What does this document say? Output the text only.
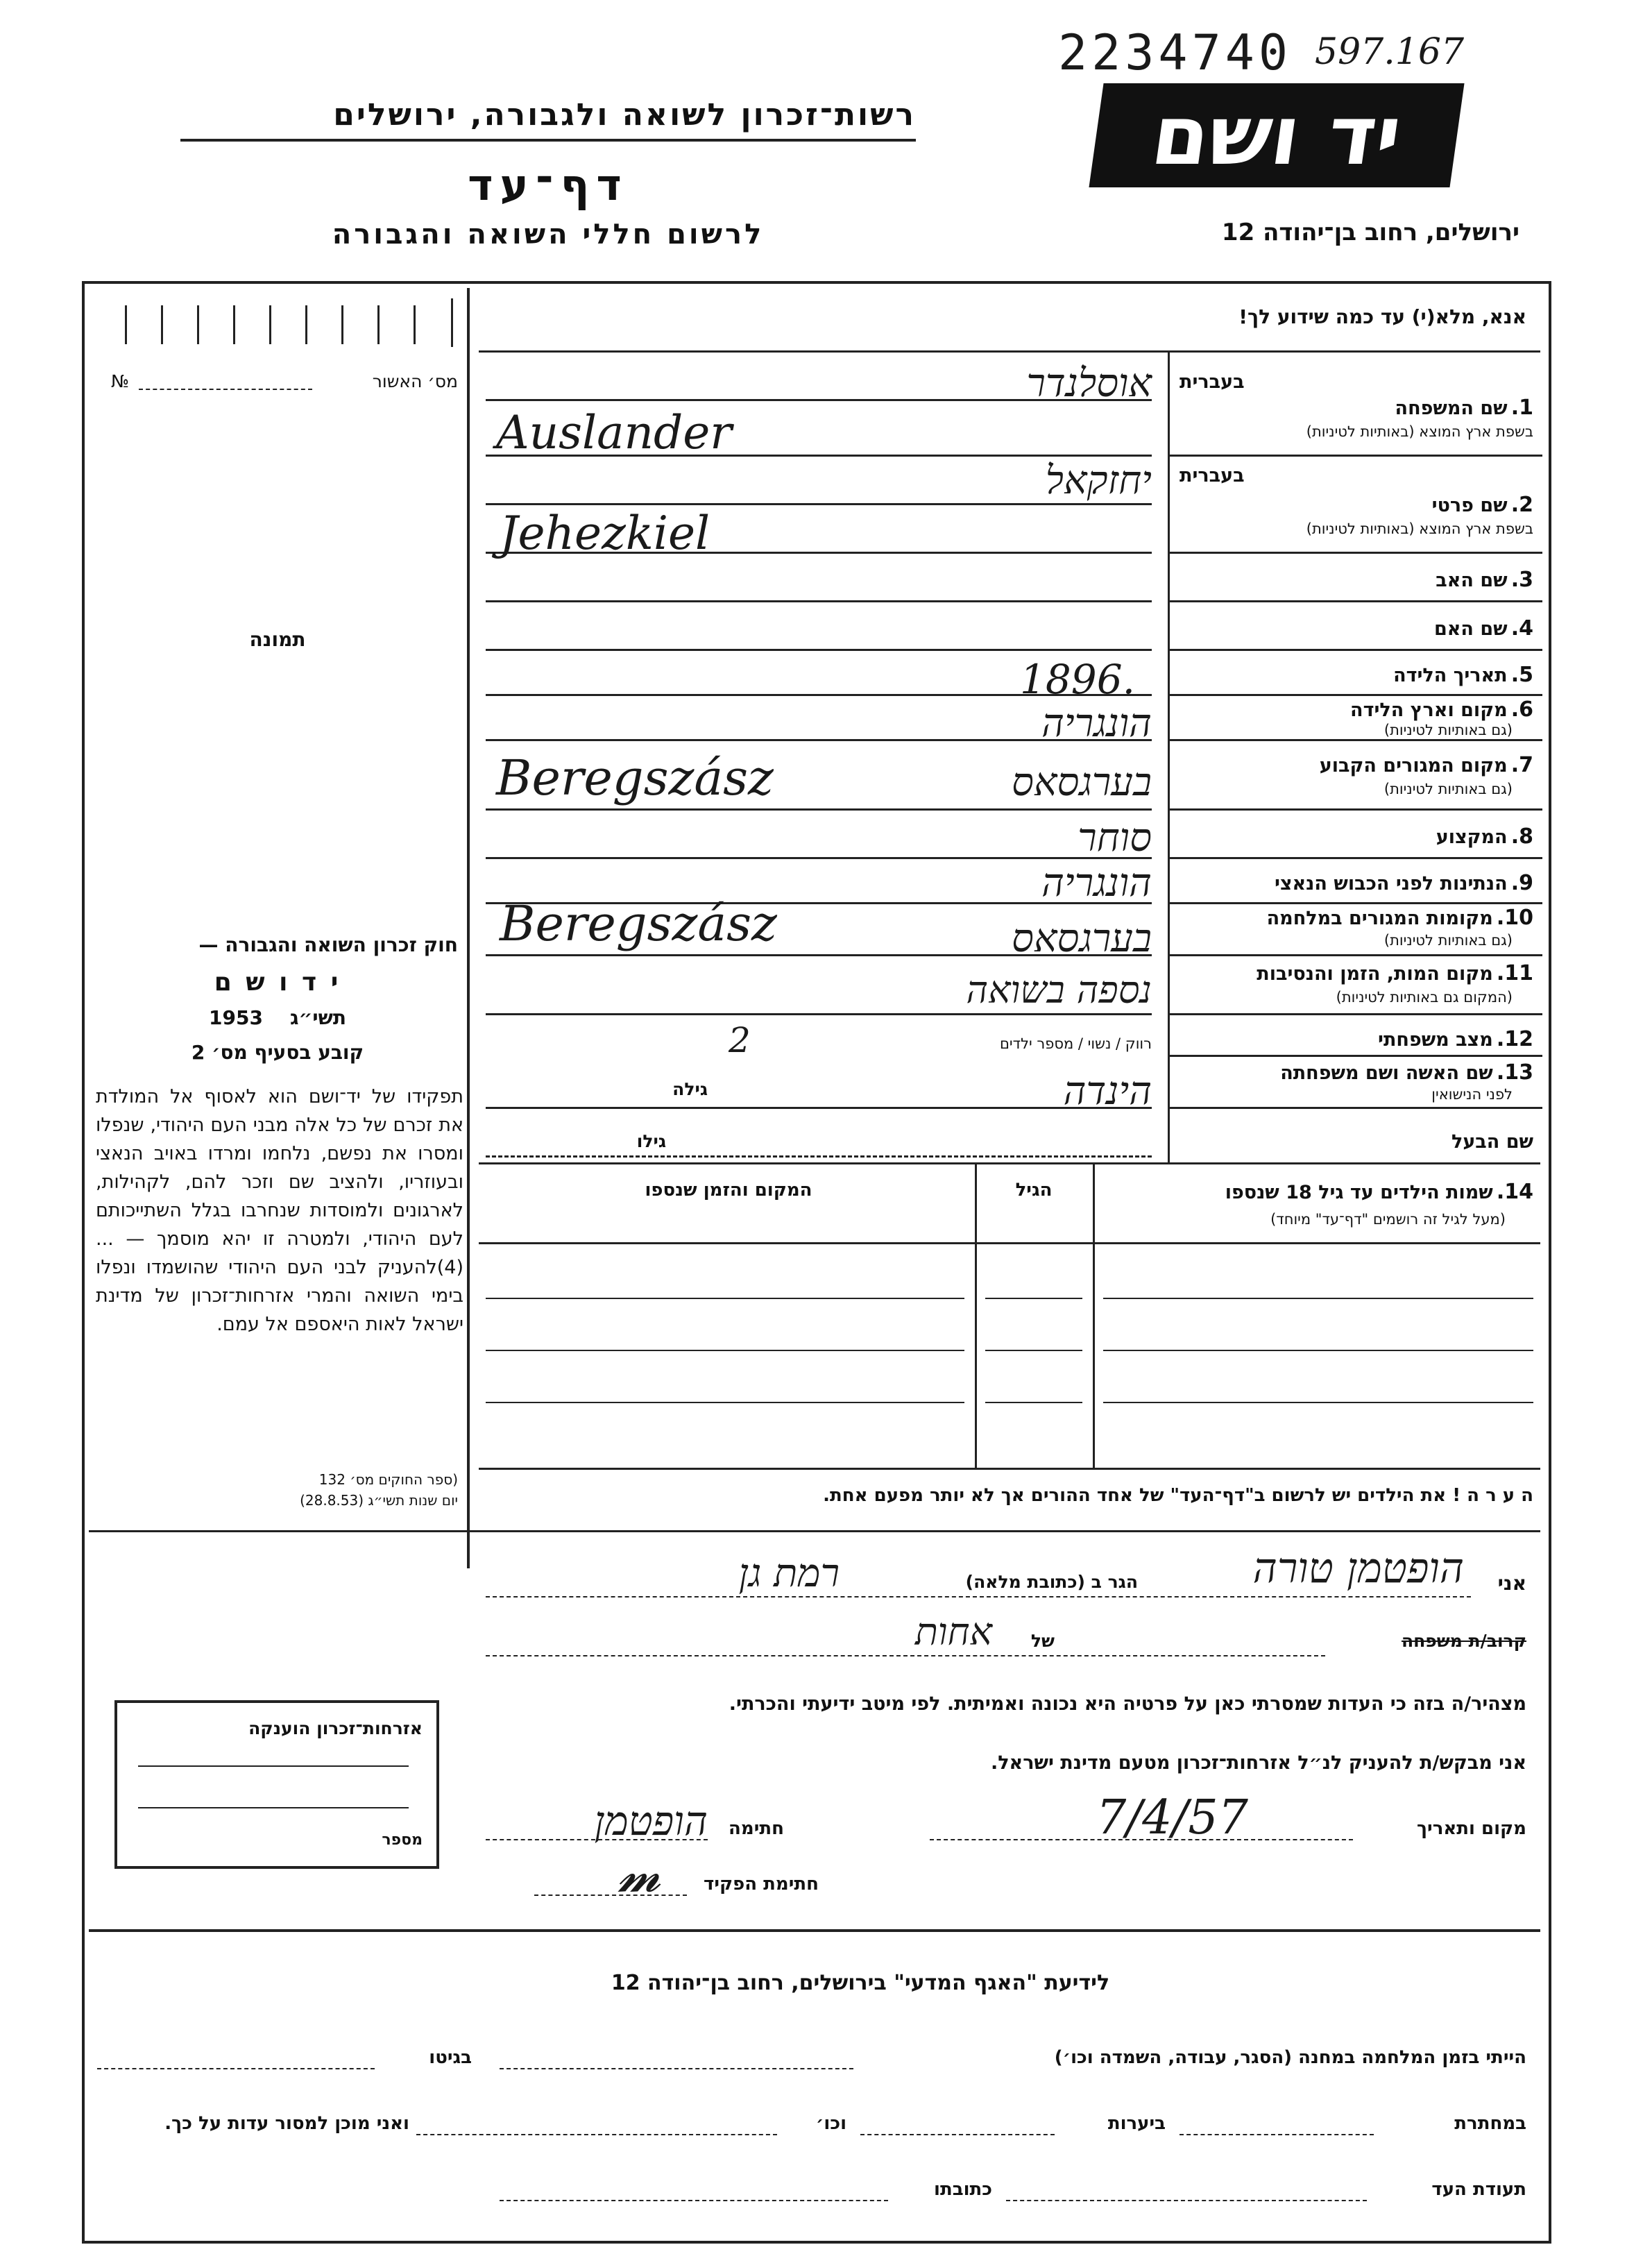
2234740 597.167
יד ושם
רשות־זכרון לשואה ולגבורה, ירושלים
דף־עד
לרשום חללי השואה והגבורה	ירושלים, רחוב בן־יהודה 12
מס׳ האשור
№
תמונה
חוק זכרון השואה והגבורה —
י ד ו ש ם
תשי״ג    1953
קובע בסעיף מס׳ 2
תפקידו של יד־ושם הוא לאסוף אל המולדת את זכרם של כל אלה מבני העם היהודי, שנפלו ומסרו את נפשם, נלחמו ומרדו באויב הנאצי ובעוזריו, ולהציב שם וזכר להם, לקהילות, לארגונים ולמוסדות שנחרבו בגלל השתייכותם לעם היהודי, ולמטרה זו יהא מוסמך — ...(4)להעניק לבני העם היהודי שהושמדו ונפלו בימי השואה והמרי אזרחות־זכרון של מדינת ישראל לאות היאספם אל עמם.
(ספר החוקים מס׳ 132
יום שנות תשי״ג (28.8.53)
אזרחות־זכרון הוענקה
מספר
אנא, מלא(י) עד כמה שידוע לך!
בעברית
1. שם המשפחה
בשפת ארץ המוצא (באותיות לטיניות)
אוסלנדר
Auslander
בעברית
2. שם פרטי
בשפת ארץ המוצא (באותיות לטיניות)
יחזקאל
Jehezkiel
3. שם האב
4. שם האם
5. תאריך הלידה
1896.
6. מקום וארץ הלידה
(גם באותיות לטיניות)
הונגריה
7. מקום המגורים הקבוע
(גם באותיות לטיניות)
בערגסאס
Beregszász
8. המקצוע
סוחר
9. הנתינות לפני הכבוש הנאצי
הונגריה
10. מקומות המגורים במלחמה
(גם באותיות לטיניות)
בערגסאס
Beregszász
11. מקום המות, הזמן והנסיבות
(המקום גם באותיות לטיניות)
נספה בשואה
12. מצב משפחתי
רווק / נשוי / מספר ילדים
2
13. שם האשה ושם משפחתה
לפני הנישואין
גילה	הינדה
שם הבעל
גילו
14. שמות הילדים עד גיל 18 שנספו
(מעל לגיל זה רושמים "דף־עד" מיוחד)
הגיל
המקום והזמן שנספו
ה ע ר ה ! את הילדים יש לרשום ב"דף־העד" של אחד ההורים אך לא יותר מפעם אחת.
אני
הופטמן טורה
הגר ב (כתובת מלאה)
רמת גן
קרוב/ת משפחה
של
אחות
מצהיר/ה בזה כי העדות שמסרתי כאן על פרטיה היא נכונה ואמיתית. לפי מיטב ידיעתי והכרתי.
אני מבקש/ת להעניק לנ״ל אזרחות־זכרון מטעם מדינת ישראל.
מקום ותאריך
7/4/57
חתימה
הופטמן
חתימת הפקיד
𝓶
לידיעת "האגף המדעי" בירושלים, רחוב בן־יהודה 12
הייתי בזמן המלחמה במחנה (הסגר, עבודה, השמדה וכו׳)
בגיטו
במחתרת
ביערות
וכו׳
ואני מוכן למסור עדות על כך.
תעודת העד
כתובתו
